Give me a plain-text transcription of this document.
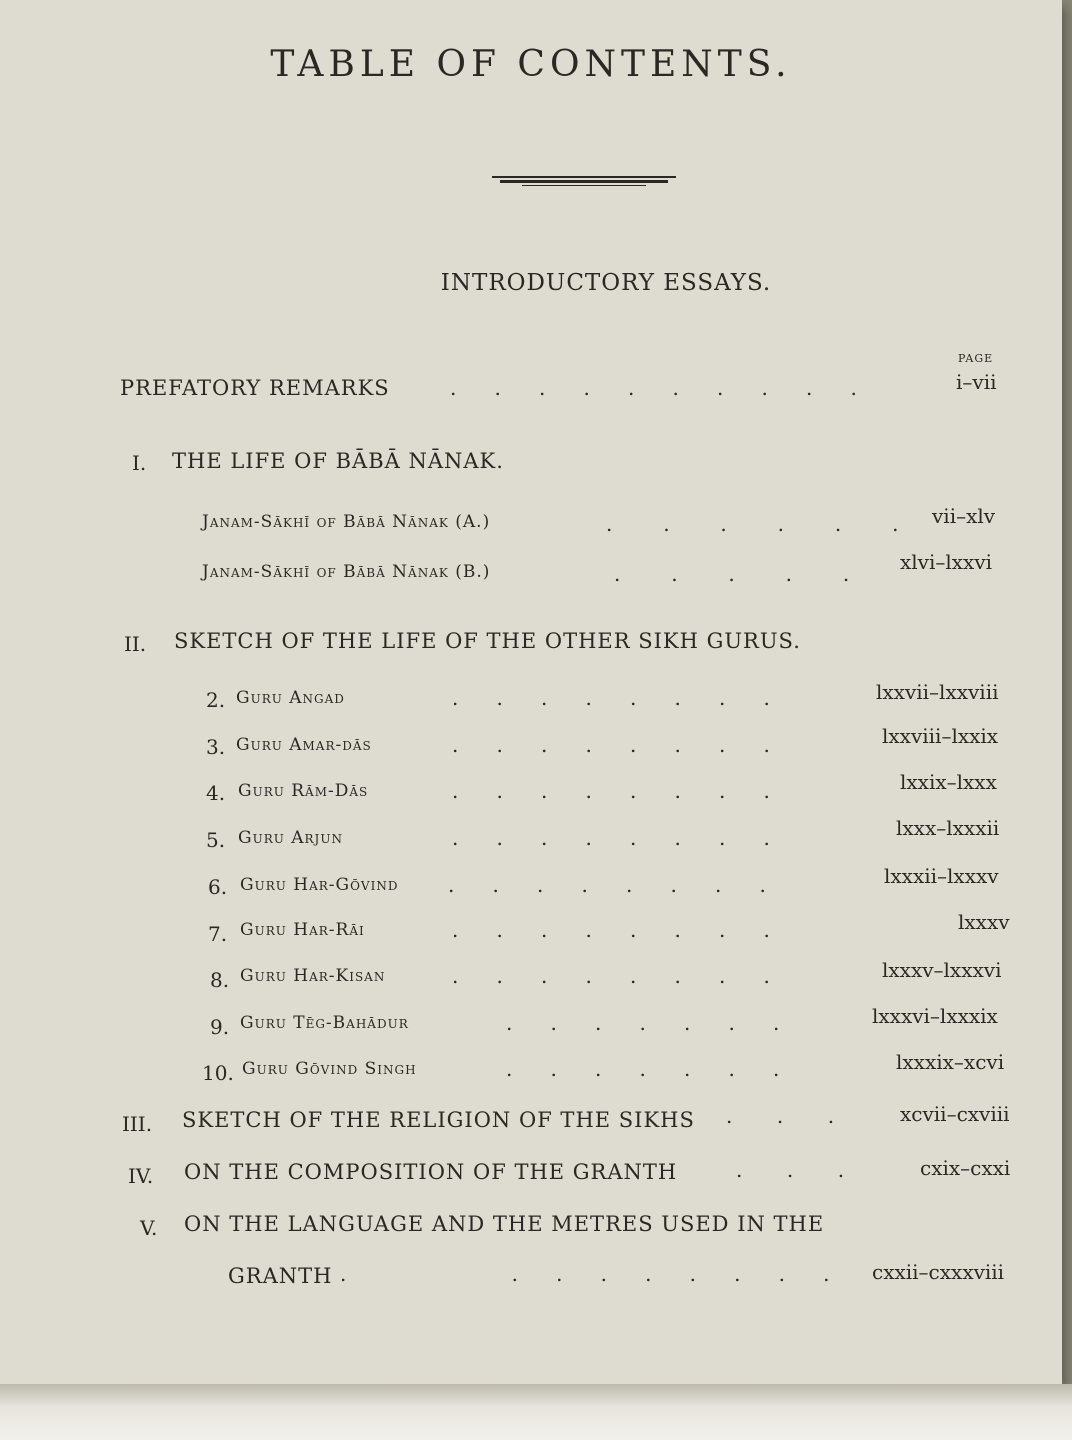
TABLE OF CONTENTS.
INTRODUCTORY ESSAYS.
PAGE
PREFATORY REMARKS	.      .      .      .      .      .      .      .      .      .	i–vii
I. THE LIFE OF BĀBĀ NĀNAK.
Janam-Sākhī of Bābā Nānak (A.)	.        .        .        .        .        . vii–xlv
Janam-Sākhī of Bābā Nānak (B.)	.        .        .        .        .	xlvi–lxxvi
II. SKETCH OF THE LIFE OF THE OTHER SIKH GURUS.
2. Guru Angad	.      .      .      .      .      .      .      .	lxxvii–lxxviii
3. Guru Amar-dās	.      .      .      .      .      .      .      .	lxxviii–lxxix
4. Guru Rām-Dās	.      .      .      .      .      .      .      .	lxxix–lxxx
5. Guru Arjun	.      .      .      .      .      .      .      .	lxxx–lxxxii
6. Guru Har-Gōvind .      .      .      .      .      .      .      .	lxxxii–lxxxv
7. Guru Har-Rāi	.      .      .      .      .      .      .      .	lxxxv
8. Guru Har-Kisan	.      .      .      .      .      .      .      .	lxxxv–lxxxvi
9. Guru Tēg-Bahādur	.      .      .      .      .      .      .	lxxxvi–lxxxix
10. Guru Gōvind Singh	.      .      .      .      .      .      .	lxxxix–xcvi
III. SKETCH OF THE RELIGION OF THE SIKHS .       .       .	xcvii–cxviii
IV. ON THE COMPOSITION OF THE GRANTH	.       .       .	cxix–cxxi
V. ON THE LANGUAGE AND THE METRES USED IN THE
GRANTH .                          .      .      .      .      .      .      .      . cxxii–cxxxviii
